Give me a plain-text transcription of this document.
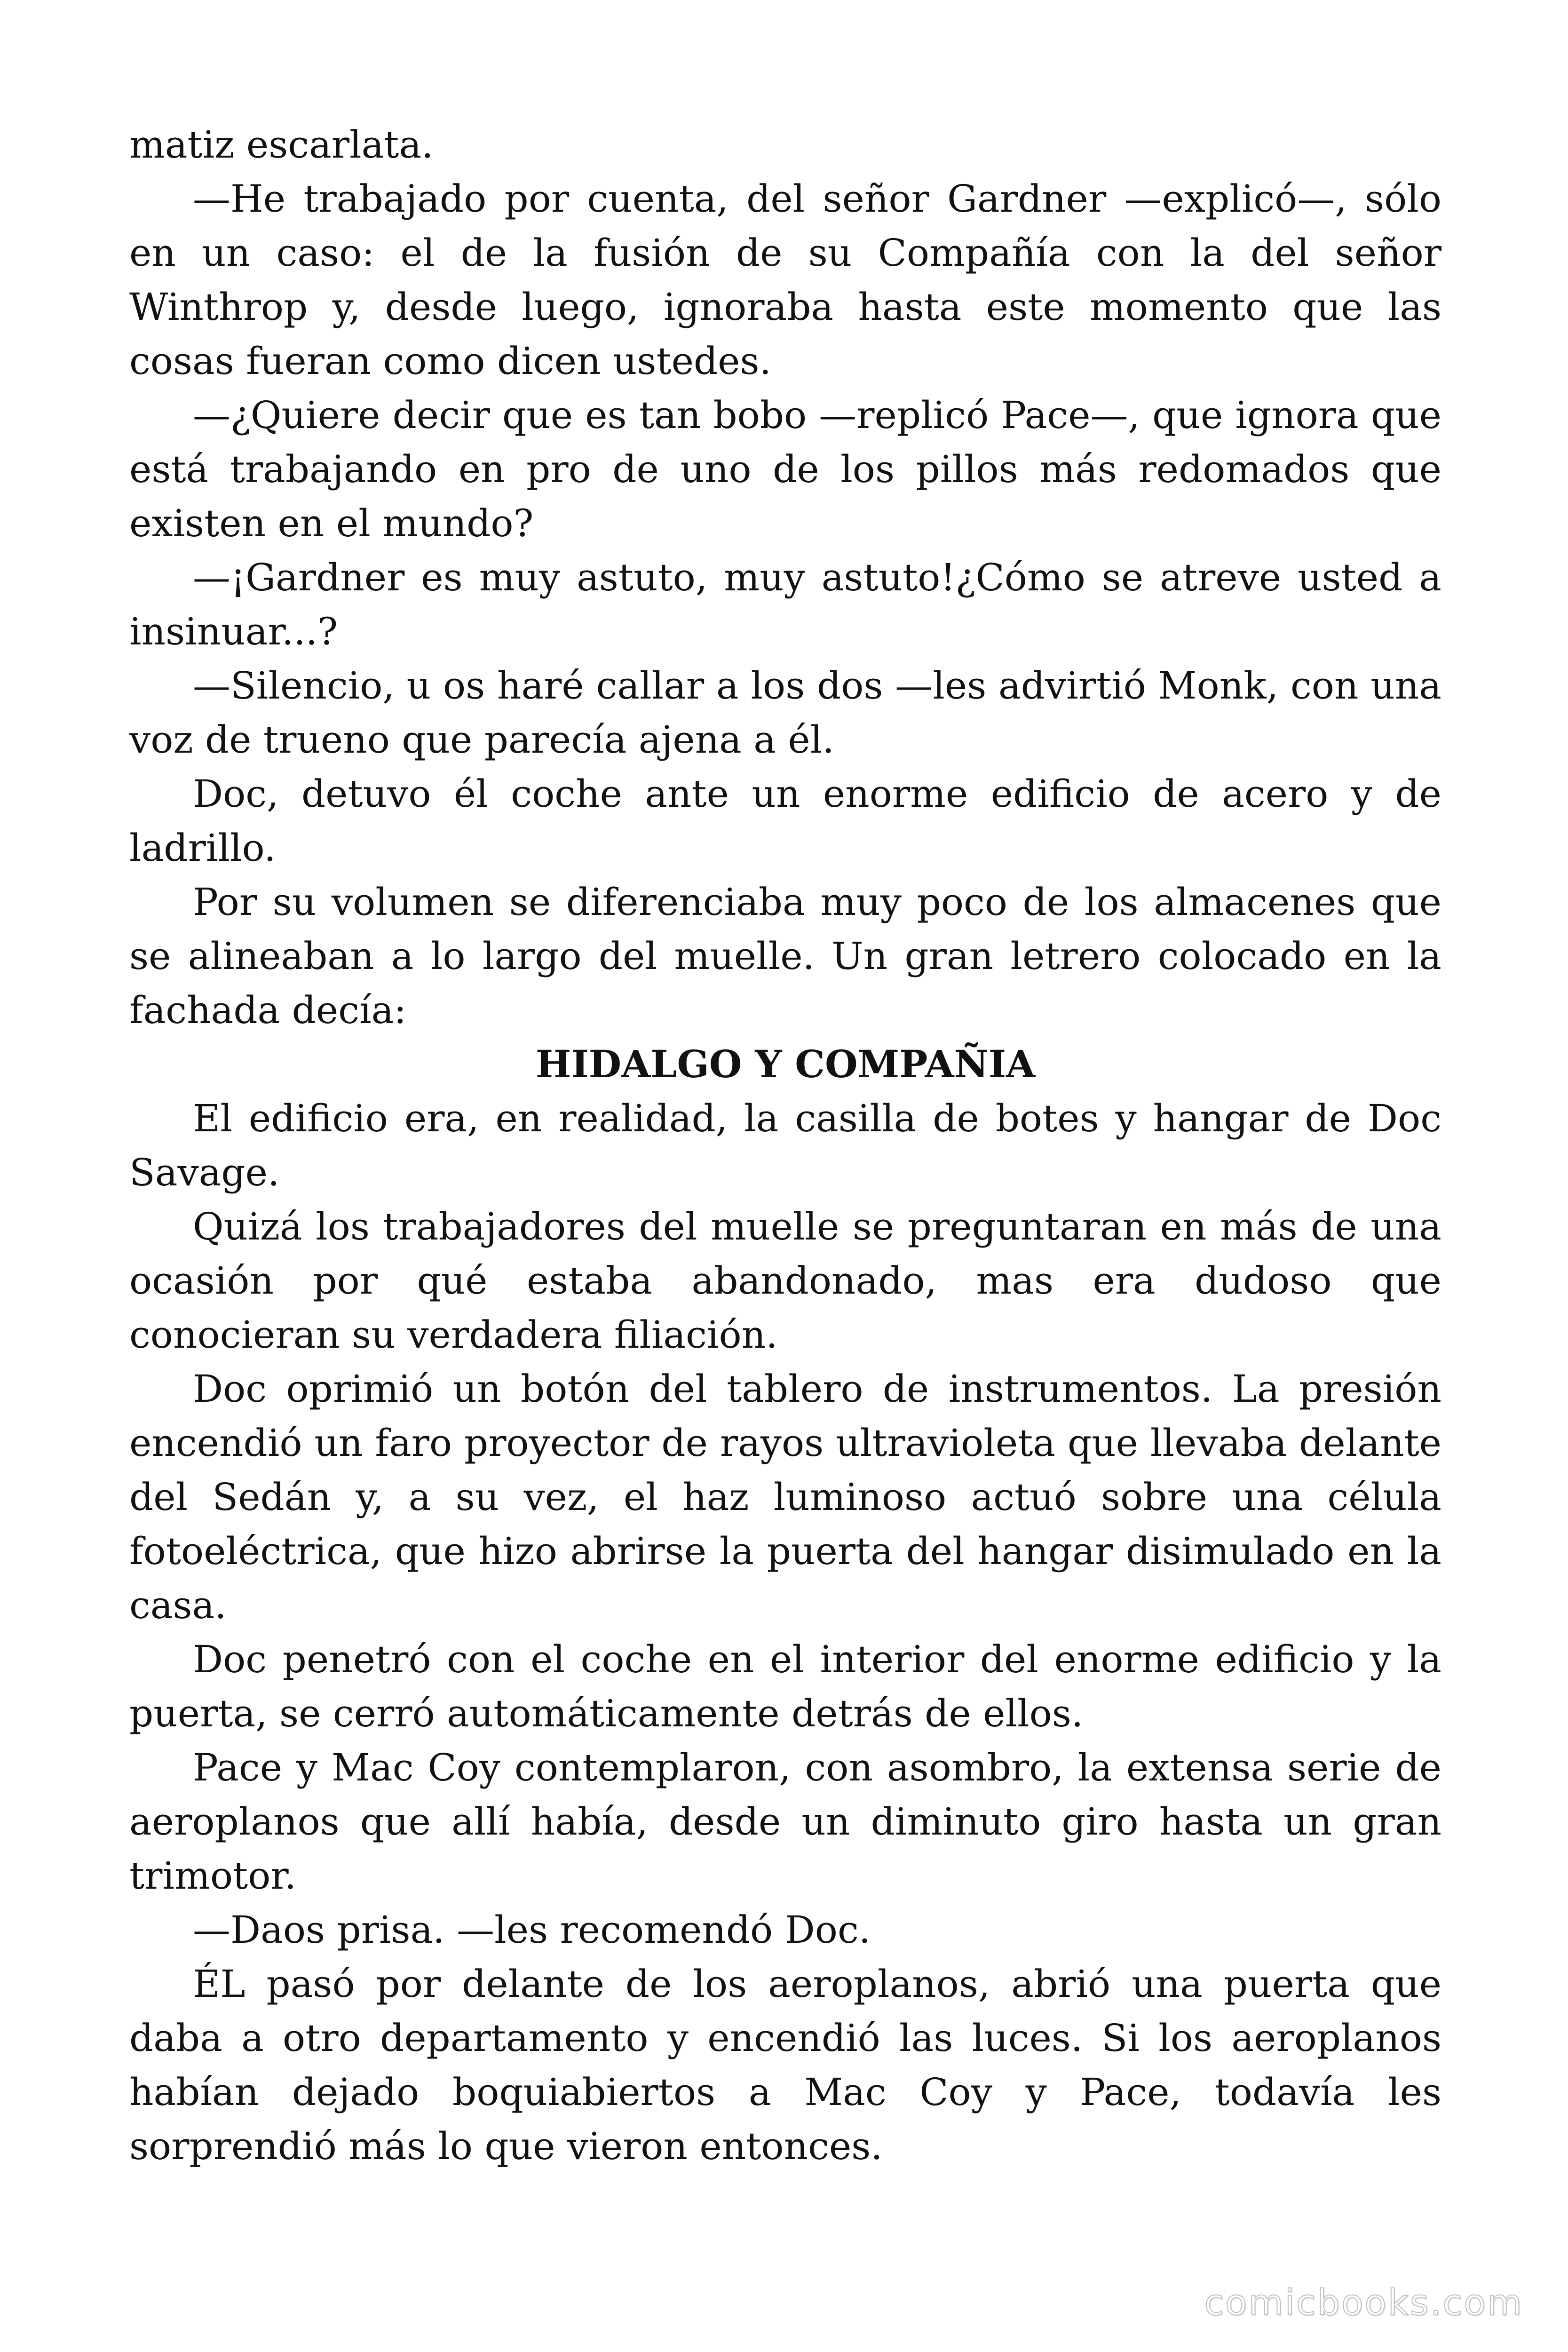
matiz escarlata.

—He trabajado por cuenta, del señor Gardner —explicó—, sólo en un caso: el de la fusión de su Compañía con la del señor Winthrop y, desde luego, ignoraba hasta este momento que las cosas fueran como dicen ustedes.

—¿Quiere decir que es tan bobo —replicó Pace—, que ignora que está trabajando en pro de uno de los pillos más redomados que existen en el mundo?

—¡Gardner es muy astuto, muy astuto!¿Cómo se atreve usted a insinuar...?

—Silencio, u os haré callar a los dos —les advirtió Monk, con una voz de trueno que parecía ajena a él.

Doc, detuvo él coche ante un enorme edificio de acero y de ladrillo.

Por su volumen se diferenciaba muy poco de los almacenes que se alineaban a lo largo del muelle. Un gran letrero colocado en la fachada decía:

HIDALGO Y COMPAÑIA

El edificio era, en realidad, la casilla de botes y hangar de Doc Savage.

Quizá los trabajadores del muelle se preguntaran en más de una ocasión por qué estaba abandonado, mas era dudoso que conocieran su verdadera filiación.

Doc oprimió un botón del tablero de instrumentos. La presión encendió un faro proyector de rayos ultravioleta que llevaba delante del Sedán y, a su vez, el haz luminoso actuó sobre una célula fotoeléctrica, que hizo abrirse la puerta del hangar disimulado en la casa.

Doc penetró con el coche en el interior del enorme edificio y la puerta, se cerró automáticamente detrás de ellos.

Pace y Mac Coy contemplaron, con asombro, la extensa serie de aeroplanos que allí había, desde un diminuto giro hasta un gran trimotor.

—Daos prisa. —les recomendó Doc.

ÉL pasó por delante de los aeroplanos, abrió una puerta que daba a otro departamento y encendió las luces. Si los aeroplanos habían dejado boquiabiertos a Mac Coy y Pace, todavía les sorprendió más lo que vieron entonces.

comicbooks.com
